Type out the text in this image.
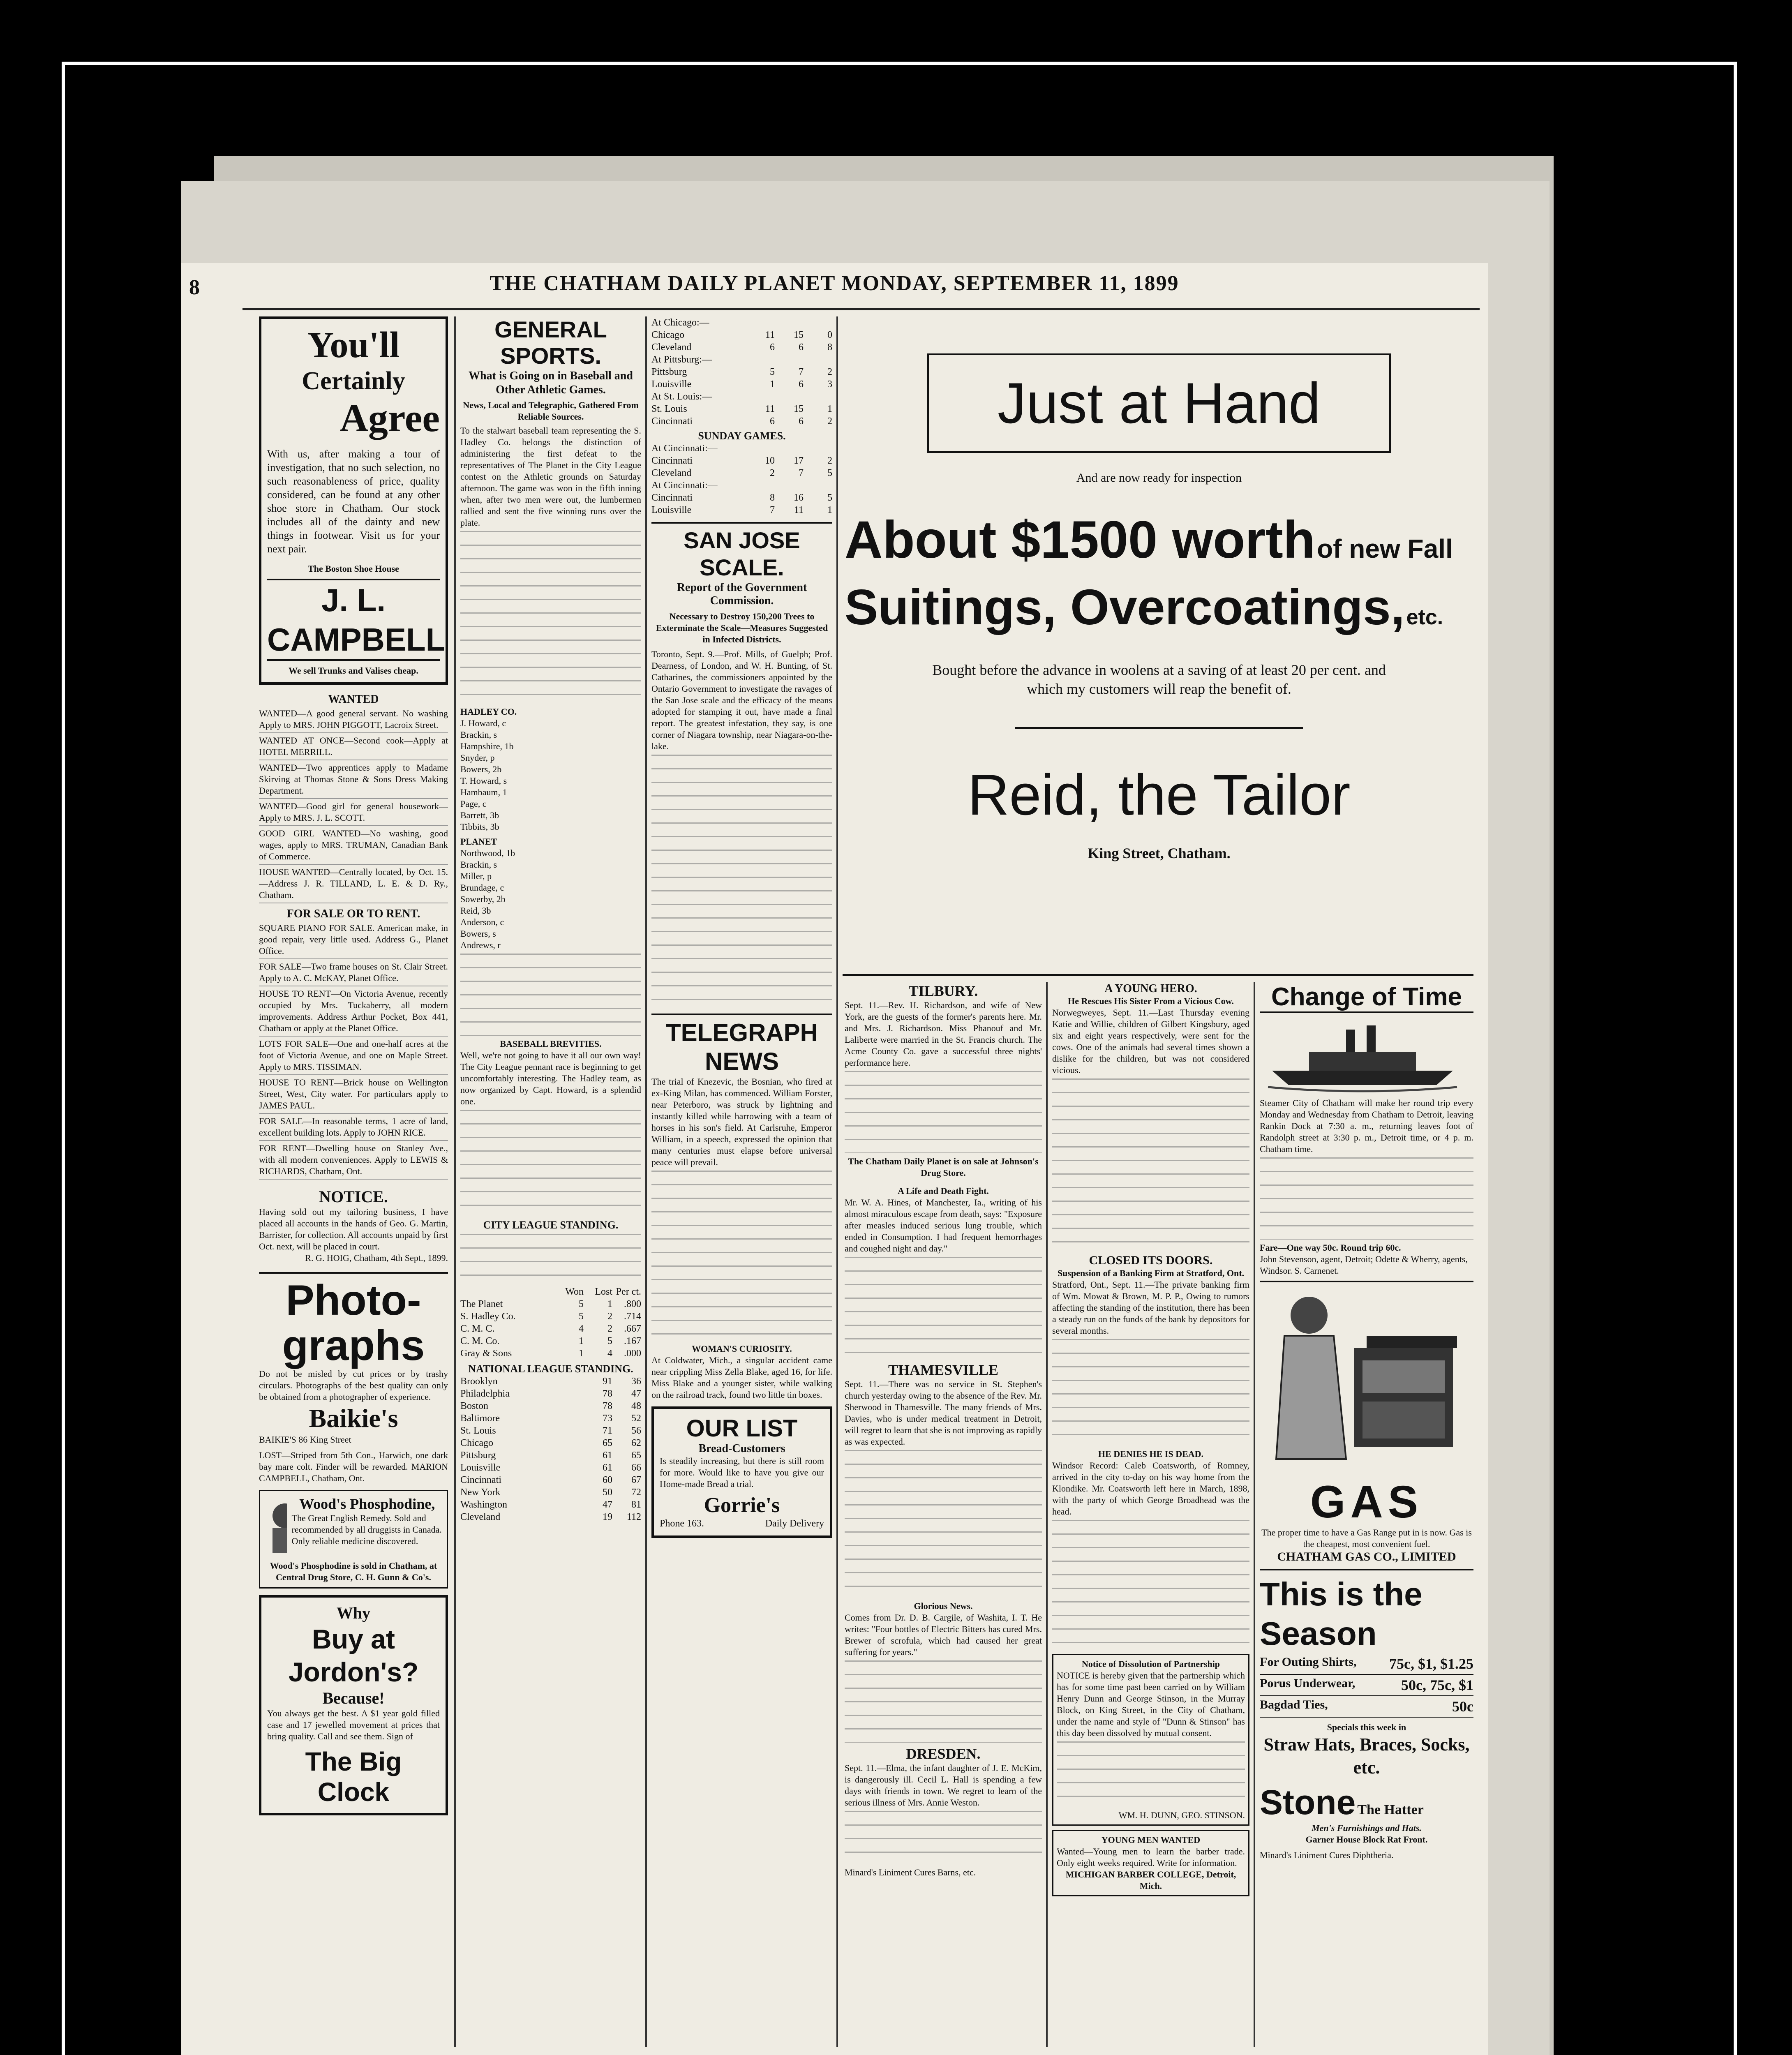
8	THE CHATHAM DAILY PLANET MONDAY, SEPTEMBER 11, 1899
You'll
Certainly
Agree
With us, after making a tour of investigation, that no such selection, no such reasonableness of price, quality considered, can be found at any other shoe store in Chatham. Our stock includes all of the dainty and new things in footwear. Visit us for your next pair.
The Boston Shoe House
J. L. CAMPBELL
We sell Trunks and Valises cheap.
WANTED
WANTED—A good general servant. No washing Apply to MRS. JOHN PIGGOTT, Lacroix Street.
WANTED AT ONCE—Second cook—Apply at HOTEL MERRILL.
WANTED—Two apprentices apply to Madame Skirving at Thomas Stone & Sons Dress Making Department.
WANTED—Good girl for general housework—Apply to MRS. J. L. SCOTT.
GOOD GIRL WANTED—No washing, good wages, apply to MRS. TRUMAN, Canadian Bank of Commerce.
HOUSE WANTED—Centrally located, by Oct. 15.—Address J. R. TILLAND, L. E. & D. Ry., Chatham.
FOR SALE OR TO RENT.
SQUARE PIANO FOR SALE. American make, in good repair, very little used. Address G., Planet Office.
FOR SALE—Two frame houses on St. Clair Street. Apply to A. C. McKAY, Planet Office.
HOUSE TO RENT—On Victoria Avenue, recently occupied by Mrs. Tuckaberry, all modern improvements. Address Arthur Pocket, Box 441, Chatham or apply at the Planet Office.
LOTS FOR SALE—One and one-half acres at the foot of Victoria Avenue, and one on Maple Street. Apply to MRS. TISSIMAN.
HOUSE TO RENT—Brick house on Wellington Street, West, City water. For particulars apply to JAMES PAUL.
FOR SALE—In reasonable terms, 1 acre of land, excellent building lots. Apply to JOHN RICE.
FOR RENT—Dwelling house on Stanley Ave., with all modern conveniences. Apply to LEWIS & RICHARDS, Chatham, Ont.
NOTICE.
Having sold out my tailoring business, I have placed all accounts in the hands of Geo. G. Martin, Barrister, for collection. All accounts unpaid by first Oct. next, will be placed in court.
R. G. HOIG, Chatham, 4th Sept., 1899.
Photo-
graphs
Do not be misled by cut prices or by trashy circulars. Photographs of the best quality can only be obtained from a photographer of experience.
Baikie's
BAIKIE'S 86 King Street
LOST—Striped from 5th Con., Harwich, one dark bay mare colt. Finder will be rewarded. MARION CAMPBELL, Chatham, Ont.
Wood's Phosphodine,
The Great English Remedy. Sold and recommended by all druggists in Canada. Only reliable medicine discovered.
Wood's Phosphodine is sold in Chatham, at Central Drug Store, C. H. Gunn & Co's.
Why
Buy at Jordon's?
Because!
You always get the best. A $1 year gold filled case and 17 jewelled movement at prices that bring quality. Call and see them. Sign of
The Big Clock
GENERAL SPORTS.
What is Going on in Baseball and Other Athletic Games.
News, Local and Telegraphic, Gathered From Reliable Sources.
To the stalwart baseball team representing the S. Hadley Co. belongs the distinction of administering the first defeat to the representatives of The Planet in the City League contest on the Athletic grounds on Saturday afternoon. The game was won in the fifth inning when, after two men were out, the lumbermen rallied and sent the five winning runs over the plate.
HADLEY CO.
J. Howard, c
Brackin, s
Hampshire, 1b
Snyder, p
Bowers, 2b
T. Howard, s
Hambaum, 1
Page, c
Barrett, 3b
Tibbits, 3b
PLANET
Northwood, 1b
Brackin, s
Miller, p
Brundage, c
Sowerby, 2b
Reid, 3b
Anderson, c
Bowers, s
Andrews, r
BASEBALL BREVITIES.
Well, we're not going to have it all our own way! The City League pennant race is beginning to get uncomfortably interesting. The Hadley team, as now organized by Capt. Howard, is a splendid one.
CITY LEAGUE STANDING.
Won	Lost Per ct.
The Planet	5	1	.800
S. Hadley Co.	5	2	.714
C. M. C.	4	2	.667
C. M. Co.	1	5	.167
Gray & Sons	1	4	.000
NATIONAL LEAGUE STANDING.
Brooklyn	91	36
Philadelphia	78	47
Boston	78	48
Baltimore	73	52
St. Louis	71	56
Chicago	65	62
Pittsburg	61	65
Louisville	61	66
Cincinnati	60	67
New York	50	72
Washington	47	81
Cleveland	19	112
At Chicago:—
Chicago	11	15	0
Cleveland	6	6	8
At Pittsburg:—
Pittsburg	5	7	2
Louisville	1	6	3
At St. Louis:—
St. Louis	11	15	1
Cincinnati	6	6	2
SUNDAY GAMES.
At Cincinnati:—
Cincinnati	10	17	2
Cleveland	2	7	5
At Cincinnati:—
Cincinnati	8	16	5
Louisville	7	11	1
SAN JOSE SCALE.
Report of the Government Commission.
Necessary to Destroy 150,200 Trees to Exterminate the Scale—Measures Suggested in Infected Districts.
Toronto, Sept. 9.—Prof. Mills, of Guelph; Prof. Dearness, of London, and W. H. Bunting, of St. Catharines, the commissioners appointed by the Ontario Government to investigate the ravages of the San Jose scale and the efficacy of the means adopted for stamping it out, have made a final report. The greatest infestation, they say, is one corner of Niagara township, near Niagara-on-the-lake.
TELEGRAPH NEWS
The trial of Knezevic, the Bosnian, who fired at ex-King Milan, has commenced. William Forster, near Peterboro, was struck by lightning and instantly killed while harrowing with a team of horses in his son's field. At Carlsruhe, Emperor William, in a speech, expressed the opinion that many centuries must elapse before universal peace will prevail.
WOMAN'S CURIOSITY.
At Coldwater, Mich., a singular accident came near crippling Miss Zella Blake, aged 16, for life. Miss Blake and a younger sister, while walking on the railroad track, found two little tin boxes.
OUR LIST
Bread-Customers
Is steadily increasing, but there is still room for more. Would like to have you give our Home-made Bread a trial.
Gorrie's
Phone 163.	Daily Delivery
Just at Hand
And are now ready for inspection
About $1500 worth of new Fall
Suitings, Overcoatings, etc.
Bought before the advance in woolens at a saving of at least 20 per cent. and which my customers will reap the benefit of.
Reid, the Tailor
King Street, Chatham.
TILBURY.
Sept. 11.—Rev. H. Richardson, and wife of New York, are the guests of the former's parents here. Mr. and Mrs. J. Richardson. Miss Phanouf and Mr. Laliberte were married in the St. Francis church. The Acme County Co. gave a successful three nights' performance here.
The Chatham Daily Planet is on sale at Johnson's Drug Store.
A Life and Death Fight.
Mr. W. A. Hines, of Manchester, Ia., writing of his almost miraculous escape from death, says: "Exposure after measles induced serious lung trouble, which ended in Consumption. I had frequent hemorrhages and coughed night and day."
THAMESVILLE
Sept. 11.—There was no service in St. Stephen's church yesterday owing to the absence of the Rev. Mr. Sherwood in Thamesville. The many friends of Mrs. Davies, who is under medical treatment in Detroit, will regret to learn that she is not improving as rapidly as was expected.
Glorious News.
Comes from Dr. D. B. Cargile, of Washita, I. T. He writes: "Four bottles of Electric Bitters has cured Mrs. Brewer of scrofula, which had caused her great suffering for years."
DRESDEN.
Sept. 11.—Elma, the infant daughter of J. E. McKim, is dangerously ill. Cecil L. Hall is spending a few days with friends in town. We regret to learn of the serious illness of Mrs. Annie Weston.
Minard's Liniment Cures Barns, etc.
A YOUNG HERO.
He Rescues His Sister From a Vicious Cow.
Norwegweyes, Sept. 11.—Last Thursday evening Katie and Willie, children of Gilbert Kingsbury, aged six and eight years respectively, were sent for the cows. One of the animals had several times shown a dislike for the children, but was not considered vicious.
CLOSED ITS DOORS.
Suspension of a Banking Firm at Stratford, Ont.
Stratford, Ont., Sept. 11.—The private banking firm of Wm. Mowat & Brown, M. P. P., Owing to rumors affecting the standing of the institution, there has been a steady run on the funds of the bank by depositors for several months.
HE DENIES HE IS DEAD.
Windsor Record: Caleb Coatsworth, of Romney, arrived in the city to-day on his way home from the Klondike. Mr. Coatsworth left here in March, 1898, with the party of which George Broadhead was the head.
Notice of Dissolution of Partnership
NOTICE is hereby given that the partnership which has for some time past been carried on by William Henry Dunn and George Stinson, in the Murray Block, on King Street, in the City of Chatham, under the name and style of "Dunn & Stinson" has this day been dissolved by mutual consent.
WM. H. DUNN, GEO. STINSON.
YOUNG MEN WANTED
Wanted—Young men to learn the barber trade. Only eight weeks required. Write for information.
MICHIGAN BARBER COLLEGE, Detroit, Mich.
Change of Time
Steamer City of Chatham will make her round trip every Monday and Wednesday from Chatham to Detroit, leaving Rankin Dock at 7:30 a. m., returning leaves foot of Randolph street at 3:30 p. m., Detroit time, or 4 p. m. Chatham time.
Fare—One way 50c. Round trip 60c.
John Stevenson, agent, Detroit; Odette & Wherry, agents, Windsor. S. Carnenet.
GAS
The proper time to have a Gas Range put in is now. Gas is the cheapest, most convenient fuel.
CHATHAM GAS CO., LIMITED
This is the Season
For Outing Shirts, 75c, $1, $1.25
Porus Underwear,	50c, 75c, $1
Bagdad Ties,	50c
Specials this week in
Straw Hats, Braces, Socks, etc.
Stone The Hatter
Men's Furnishings and Hats.
Garner House Block Rat Front.
Minard's Liniment Cures Diphtheria.
